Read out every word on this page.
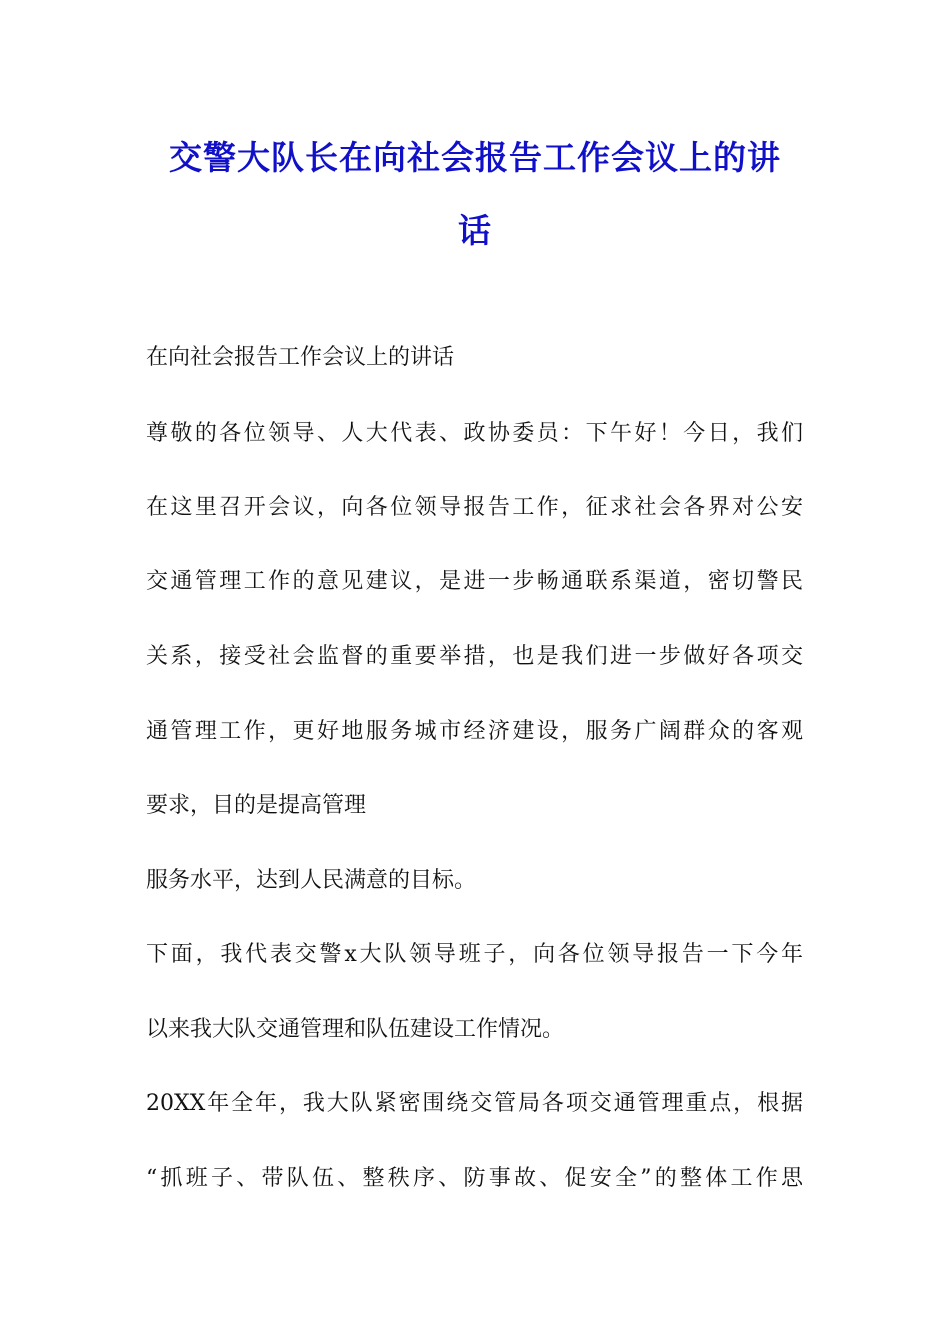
交警大队长在向社会报告工作会议上的讲
话
在向社会报告工作会议上的讲话
尊敬的各位领导、人大代表、政协委员：下午好！今日，我们
在这里召开会议，向各位领导报告工作，征求社会各界对公安
交通管理工作的意见建议，是进一步畅通联系渠道，密切警民
关系，接受社会监督的重要举措，也是我们进一步做好各项交
通管理工作，更好地服务城市经济建设，服务广阔群众的客观
要求，目的是提高管理
服务水平，达到人民满意的目标。
下面，我代表交警x大队领导班子，向各位领导报告一下今年
以来我大队交通管理和队伍建设工作情况。
20XX年全年，我大队紧密围绕交管局各项交通管理重点，根据
“抓班子、带队伍、整秩序、防事故、促安全”的整体工作思
